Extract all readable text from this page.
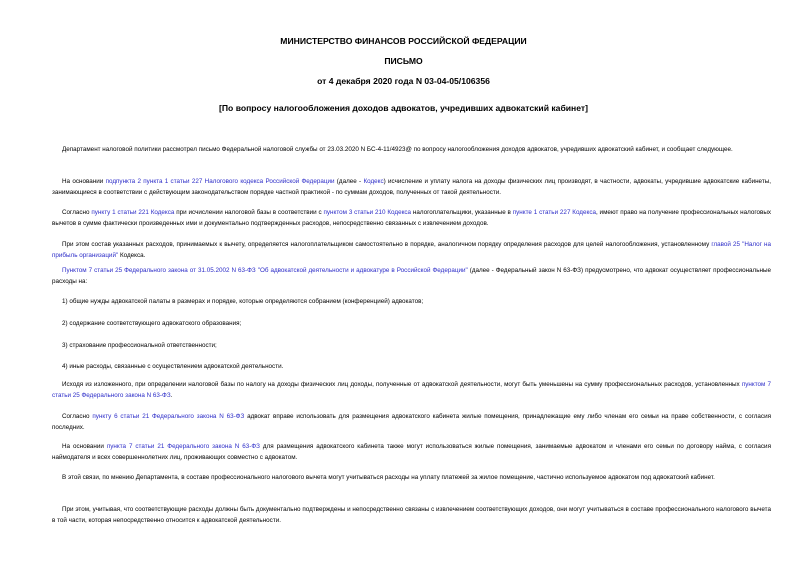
МИНИСТЕРСТВО ФИНАНСОВ РОССИЙСКОЙ ФЕДЕРАЦИИ
ПИСЬМО
от 4 декабря 2020 года N 03-04-05/106356
[По вопросу налогообложения доходов адвокатов, учредивших адвокатский кабинет]
Департамент налоговой политики рассмотрел письмо Федеральной налоговой службы от 23.03.2020 N БС-4-11/4923@ по вопросу налогообложения доходов адвокатов, учредивших адвокатский кабинет, и сообщает следующее.
На основании подпункта 2 пункта 1 статьи 227 Налогового кодекса Российской Федерации (далее - Кодекс) исчисление и уплату налога на доходы физических лиц производят, в частности, адвокаты, учредившие адвокатские кабинеты, занимающиеся в соответствии с действующим законодательством порядке частной практикой - по суммам доходов, полученных от такой деятельности.
Согласно пункту 1 статьи 221 Кодекса при исчислении налоговой базы в соответствии с пунктом 3 статьи 210 Кодекса налогоплательщики, указанные в пункте 1 статьи 227 Кодекса, имеют право на получение профессиональных налоговых вычетов в сумме фактически произведенных ими и документально подтвержденных расходов, непосредственно связанных с извлечением доходов.
При этом состав указанных расходов, принимаемых к вычету, определяется налогоплательщиком самостоятельно в порядке, аналогичном порядку определения расходов для целей налогообложения, установленному главой 25 "Налог на прибыль организаций" Кодекса.
Пунктом 7 статьи 25 Федерального закона от 31.05.2002 N 63-ФЗ "Об адвокатской деятельности и адвокатуре в Российской Федерации" (далее - Федеральный закон N 63-ФЗ) предусмотрено, что адвокат осуществляет профессиональные расходы на:
1) общие нужды адвокатской палаты в размерах и порядке, которые определяются собранием (конференцией) адвокатов;
2) содержание соответствующего адвокатского образования;
3) страхование профессиональной ответственности;
4) иные расходы, связанные с осуществлением адвокатской деятельности.
Исходя из изложенного, при определении налоговой базы по налогу на доходы физических лиц доходы, полученные от адвокатской деятельности, могут быть уменьшены на сумму профессиональных расходов, установленных пунктом 7 статьи 25 Федерального закона N 63-ФЗ.
Согласно пункту 6 статьи 21 Федерального закона N 63-ФЗ адвокат вправе использовать для размещения адвокатского кабинета жилые помещения, принадлежащие ему либо членам его семьи на праве собственности, с согласия последних.
На основании пункта 7 статьи 21 Федерального закона N 63-ФЗ для размещения адвокатского кабинета также могут использоваться жилые помещения, занимаемые адвокатом и членами его семьи по договору найма, с согласия наймодателя и всех совершеннолетних лиц, проживающих совместно с адвокатом.
В этой связи, по мнению Департамента, в составе профессионального налогового вычета могут учитываться расходы на уплату платежей за жилое помещение, частично используемое адвокатом под адвокатский кабинет.
При этом, учитывая, что соответствующие расходы должны быть документально подтверждены и непосредственно связаны с извлечением соответствующих доходов, они могут учитываться в составе профессионального налогового вычета в той части, которая непосредственно относится к адвокатской деятельности.
